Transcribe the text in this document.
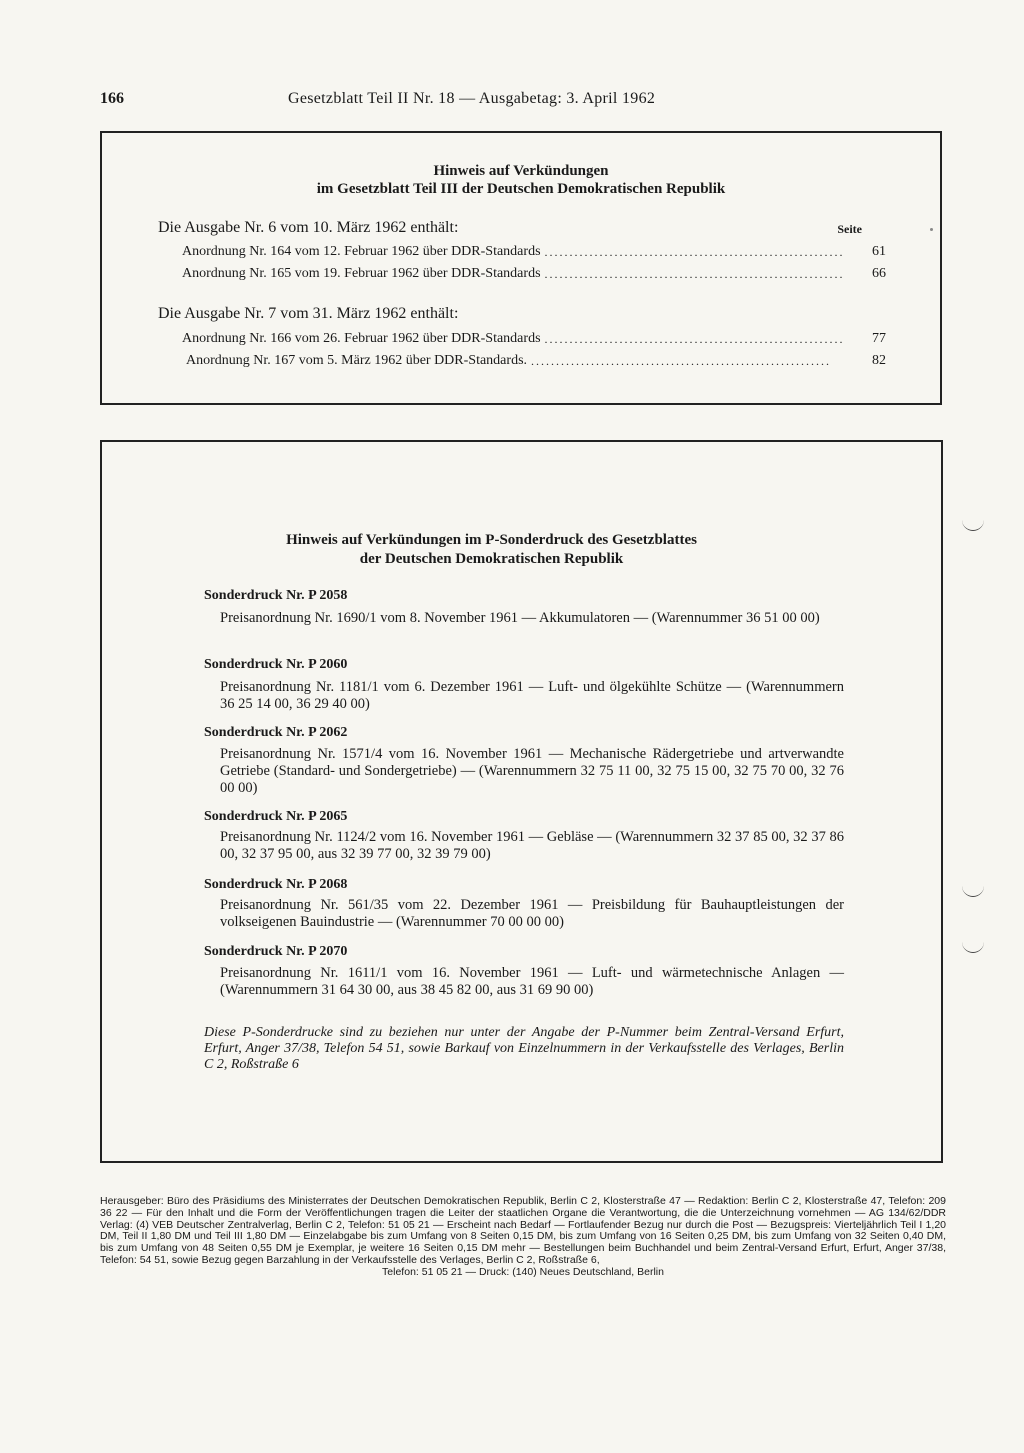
166	Gesetzblatt Teil II Nr. 18 — Ausgabetag: 3. April 1962
Hinweis auf Verkündungen
im Gesetzblatt Teil III der Deutschen Demokratischen Republik
Seite
Die Ausgabe Nr. 6 vom 10. März 1962 enthält:
Anordnung Nr. 164 vom 12. Februar 1962 über DDR-Standards ............................................................	61
Anordnung Nr. 165 vom 19. Februar 1962 über DDR-Standards ............................................................	66
Die Ausgabe Nr. 7 vom 31. März 1962 enthält:
Anordnung Nr. 166 vom 26. Februar 1962 über DDR-Standards ............................................................	77
Anordnung Nr. 167 vom 5. März 1962 über DDR-Standards. ............................................................	82
Hinweis auf Verkündungen im P-Sonderdruck des Gesetzblattes
der Deutschen Demokratischen Republik
Sonderdruck Nr. P 2058
Preisanordnung Nr. 1690/1 vom 8. November 1961 — Akkumulatoren — (Warennummer 36 51 00 00)
Sonderdruck Nr. P 2060
Preisanordnung Nr. 1181/1 vom 6. Dezember 1961 — Luft- und ölgekühlte Schütze — (Warennummern 36 25 14 00, 36 29 40 00)
Sonderdruck Nr. P 2062
Preisanordnung Nr. 1571/4 vom 16. November 1961 — Mechanische Rädergetriebe und artverwandte Getriebe (Standard- und Sondergetriebe) — (Warennummern 32 75 11 00, 32 75 15 00, 32 75 70 00, 32 76 00 00)
Sonderdruck Nr. P 2065
Preisanordnung Nr. 1124/2 vom 16. November 1961 — Gebläse — (Warennummern 32 37 85 00, 32 37 86 00, 32 37 95 00, aus 32 39 77 00, 32 39 79 00)
Sonderdruck Nr. P 2068
Preisanordnung Nr. 561/35 vom 22. Dezember 1961 — Preisbildung für Bauhauptleistungen der volkseigenen Bauindustrie — (Warennummer 70 00 00 00)
Sonderdruck Nr. P 2070
Preisanordnung Nr. 1611/1 vom 16. November 1961 — Luft- und wärmetechnische Anlagen — (Warennummern 31 64 30 00, aus 38 45 82 00, aus 31 69 90 00)
Diese P-Sonderdrucke sind zu beziehen nur unter der Angabe der P-Nummer beim Zentral-Versand Erfurt, Erfurt, Anger 37/38, Telefon 54 51, sowie Barkauf von Einzelnummern in der Verkaufsstelle des Verlages, Berlin C 2, Roßstraße 6
Herausgeber: Büro des Präsidiums des Ministerrates der Deutschen Demokratischen Republik, Berlin C 2, Klosterstraße 47 — Redaktion: Berlin C 2, Klosterstraße 47, Telefon: 209 36 22 — Für den Inhalt und die Form der Veröffentlichungen tragen die Leiter der staatlichen Organe die Verantwortung, die die Unterzeichnung vornehmen — AG 134/62/DDR Verlag: (4) VEB Deutscher Zentralverlag, Berlin C 2, Telefon: 51 05 21 — Erscheint nach Bedarf — Fortlaufender Bezug nur durch die Post — Bezugspreis: Vierteljährlich Teil I 1,20 DM, Teil II 1,80 DM und Teil III 1,80 DM — Einzelabgabe bis zum Umfang von 8 Seiten 0,15 DM, bis zum Umfang von 16 Seiten 0,25 DM, bis zum Umfang von 32 Seiten 0,40 DM, bis zum Umfang von 48 Seiten 0,55 DM je Exemplar, je weitere 16 Seiten 0,15 DM mehr — Bestellungen beim Buchhandel und beim Zentral-Versand Erfurt, Erfurt, Anger 37/38, Telefon: 54 51, sowie Bezug gegen Barzahlung in der Verkaufsstelle des Verlages, Berlin C 2, Roßstraße 6,
Telefon: 51 05 21 — Druck: (140) Neues Deutschland, Berlin
